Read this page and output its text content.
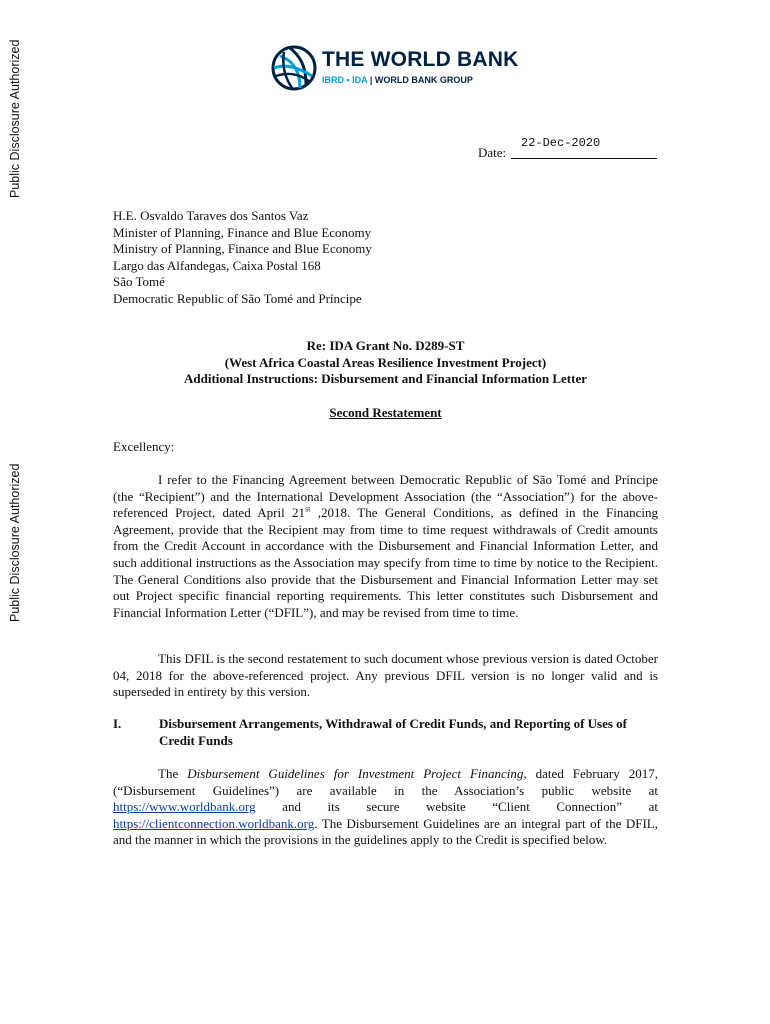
Public Disclosure Authorized
Public Disclosure Authorized
THE WORLD BANK
IBRD • IDA | WORLD BANK GROUP
Date:
22-Dec-2020
H.E. Osvaldo Taraves dos Santos Vaz
Minister of Planning, Finance and Blue Economy
Ministry of Planning, Finance and Blue Economy
Largo das Alfandegas, Caixa Postal 168
São Tomé
Democratic Republic of São Tomé and Príncipe
Re: IDA Grant No. D289-ST
(West Africa Coastal Areas Resilience Investment Project)
Additional Instructions: Disbursement and Financial Information Letter
Second Restatement
Excellency:

I refer to the Financing Agreement between Democratic Republic of São Tomé and Príncipe (the “Recipient”) and the International Development Association (the “Association”) for the above-referenced Project, dated April 21st ,2018. The General Conditions, as defined in the Financing Agreement, provide that the Recipient may from time to time request withdrawals of Credit amounts from the Credit Account in accordance with the Disbursement and Financial Information Letter, and such additional instructions as the Association may specify from time to time by notice to the Recipient. The General Conditions also provide that the Disbursement and Financial Information Letter may set out Project specific financial reporting requirements. This letter constitutes such Disbursement and Financial Information Letter (“DFIL”), and may be revised from time to time.

This DFIL is the second restatement to such document whose previous version is dated October 04, 2018 for the above-referenced project. Any previous DFIL version is no longer valid and is superseded in entirety by this version.

I.	Disbursement Arrangements, Withdrawal of Credit Funds, and Reporting of Uses of Credit Funds

The Disbursement Guidelines for Investment Project Financing, dated February 2017, (“Disbursement Guidelines”) are available in the Association’s public website at https://www.worldbank.org and its secure website “Client Connection” at https://clientconnection.worldbank.org. The Disbursement Guidelines are an integral part of the DFIL, and the manner in which the provisions in the guidelines apply to the Credit is specified below.
